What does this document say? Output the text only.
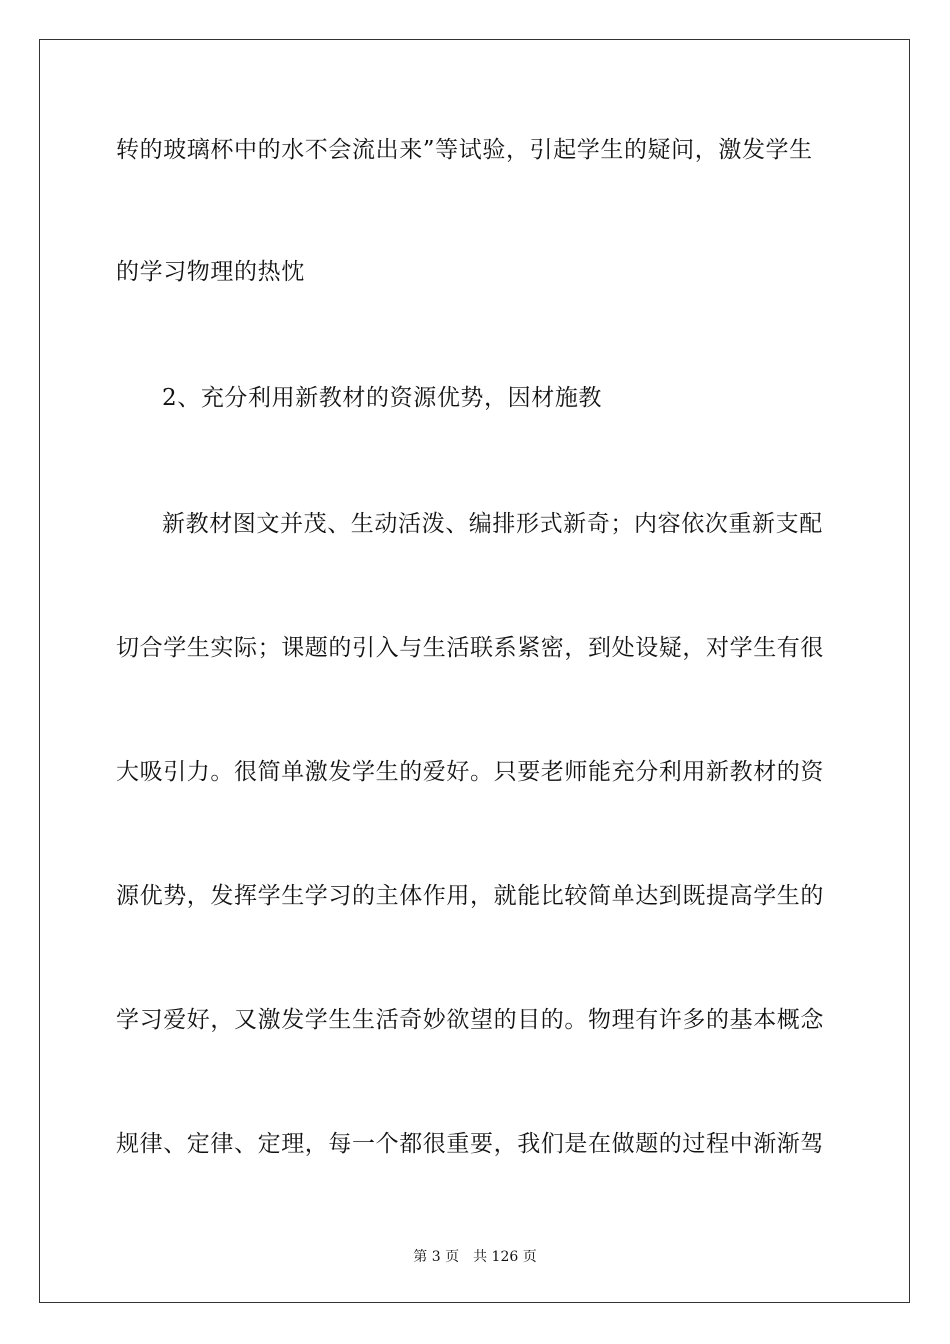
转的玻璃杯中的水不会流出来”等试验，引起学生的疑问，激发学生
的学习物理的热忱
2、充分利用新教材的资源优势，因材施教
新教材图文并茂、生动活泼、编排形式新奇；内容依次重新支配
切合学生实际；课题的引入与生活联系紧密，到处设疑，对学生有很
大吸引力。很简单激发学生的爱好。只要老师能充分利用新教材的资
源优势，发挥学生学习的主体作用，就能比较简单达到既提高学生的
学习爱好，又激发学生生活奇妙欲望的目的。物理有许多的基本概念
规律、定律、定理，每一个都很重要，我们是在做题的过程中渐渐驾
第 3 页 共 126 页
